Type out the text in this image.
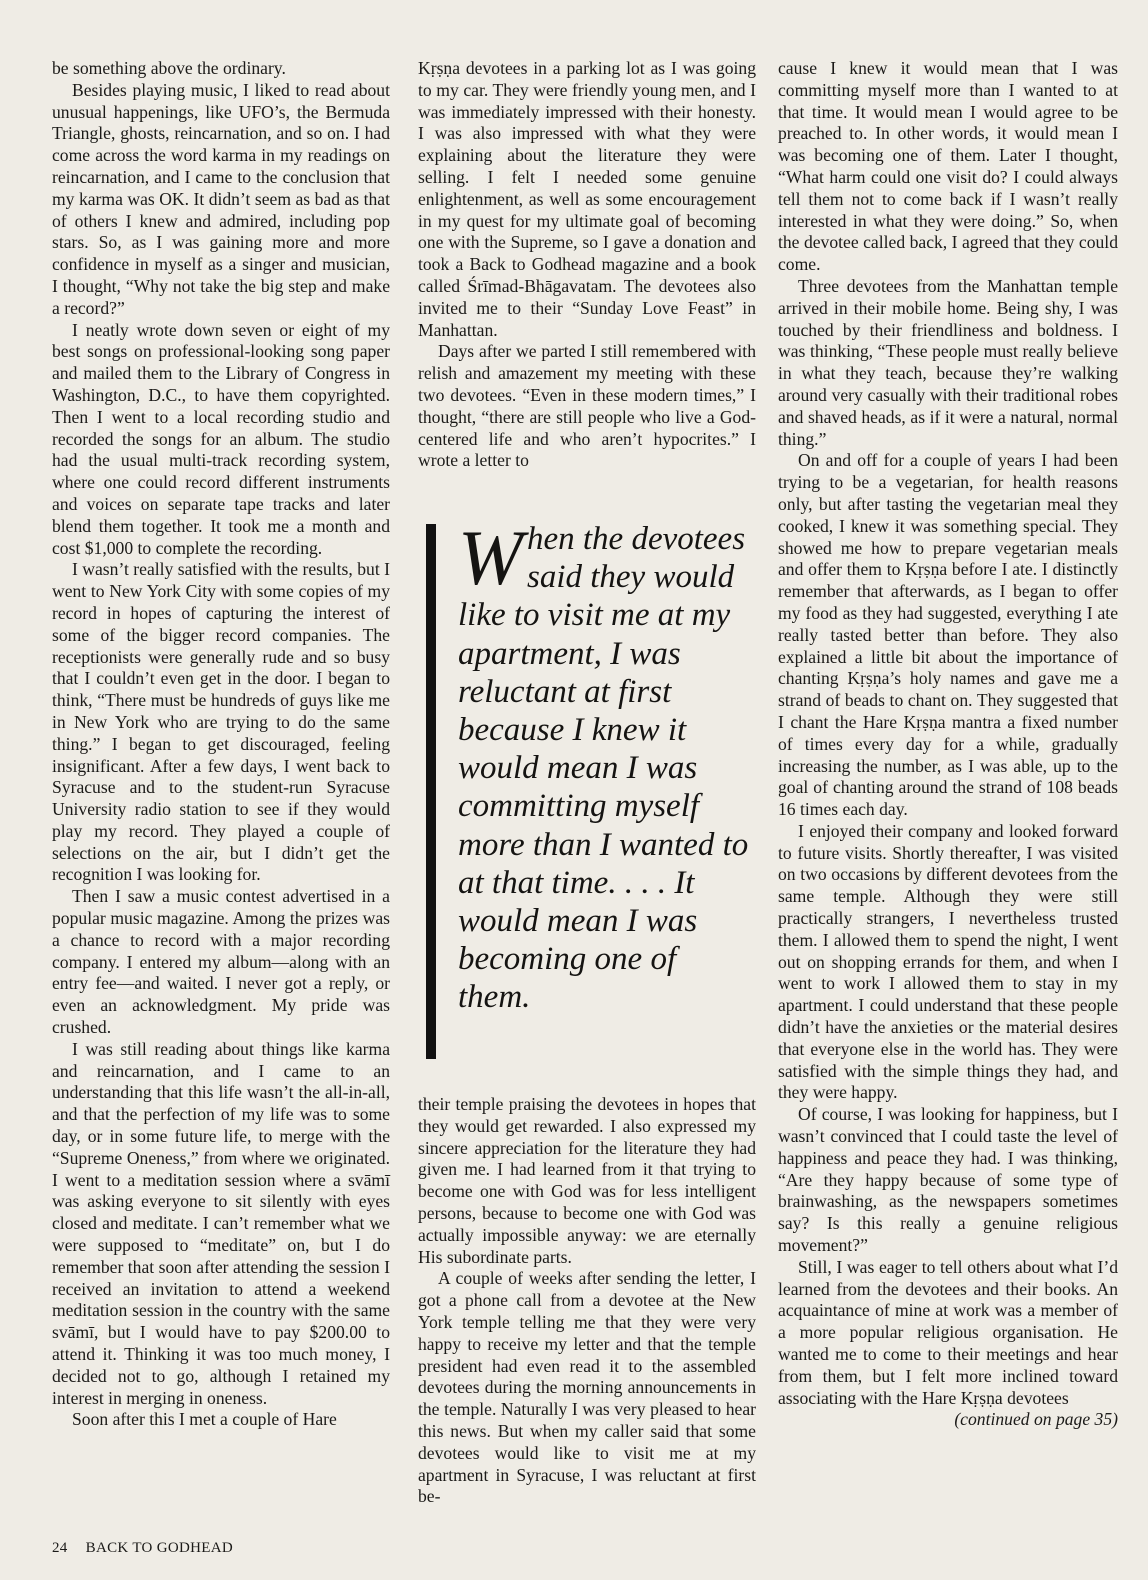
be something above the ordinary.

Besides playing music, I liked to read about unusual happenings, like UFO’s, the Bermuda Triangle, ghosts, reincarnation, and so on. I had come across the word karma in my readings on reincarnation, and I came to the conclusion that my karma was OK. It didn’t seem as bad as that of others I knew and admired, including pop stars. So, as I was gaining more and more confidence in myself as a singer and musician, I thought, “Why not take the big step and make a record?”

I neatly wrote down seven or eight of my best songs on professional-looking song paper and mailed them to the Library of Congress in Washington, D.C., to have them copyrighted. Then I went to a local recording studio and recorded the songs for an album. The studio had the usual multi-track recording system, where one could record different instruments and voices on separate tape tracks and later blend them together. It took me a month and cost $1,000 to complete the recording.

I wasn’t really satisfied with the results, but I went to New York City with some copies of my record in hopes of capturing the interest of some of the bigger record companies. The receptionists were generally rude and so busy that I couldn’t even get in the door. I began to think, “There must be hundreds of guys like me in New York who are trying to do the same thing.” I began to get discouraged, feeling insignificant. After a few days, I went back to Syracuse and to the student-run Syracuse University radio station to see if they would play my record. They played a couple of selections on the air, but I didn’t get the recognition I was looking for.

Then I saw a music contest advertised in a popular music magazine. Among the prizes was a chance to record with a major recording company. I entered my album—along with an entry fee—and waited. I never got a reply, or even an acknowledgment. My pride was crushed.

I was still reading about things like karma and reincarnation, and I came to an understanding that this life wasn’t the all-in-all, and that the perfection of my life was to some day, or in some future life, to merge with the “Supreme Oneness,” from where we originated. I went to a meditation session where a svāmī was asking everyone to sit silently with eyes closed and meditate. I can’t remember what we were supposed to “meditate” on, but I do remember that soon after attending the session I received an invitation to attend a weekend meditation session in the country with the same svāmī, but I would have to pay $200.00 to attend it. Thinking it was too much money, I decided not to go, although I retained my interest in merging in oneness.

Soon after this I met a couple of Hare

Kṛṣṇa devotees in a parking lot as I was going to my car. They were friendly young men, and I was immediately impressed with their honesty. I was also impressed with what they were explaining about the literature they were selling. I felt I needed some genuine enlightenment, as well as some encouragement in my quest for my ultimate goal of becoming one with the Supreme, so I gave a donation and took a Back to Godhead magazine and a book called Śrīmad-Bhāgavatam. The devotees also invited me to their “Sunday Love Feast” in Manhattan.

Days after we parted I still remembered with relish and amazement my meeting with these two devotees. “Even in these modern times,” I thought, “there are still people who live a God-centered life and who aren’t hypocrites.” I wrote a letter to

When the devotees said they would like to visit me at my apartment, I was reluctant at first because I knew it would mean I was committing myself more than I wanted to at that time. . . . It would mean I was becoming one of them.

their temple praising the devotees in hopes that they would get rewarded. I also expressed my sincere appreciation for the literature they had given me. I had learned from it that trying to become one with God was for less intelligent persons, because to become one with God was actually impossible anyway: we are eternally His subordinate parts.

A couple of weeks after sending the letter, I got a phone call from a devotee at the New York temple telling me that they were very happy to receive my letter and that the temple president had even read it to the assembled devotees during the morning announcements in the temple. Naturally I was very pleased to hear this news. But when my caller said that some devotees would like to visit me at my apartment in Syracuse, I was reluctant at first be-

cause I knew it would mean that I was committing myself more than I wanted to at that time. It would mean I would agree to be preached to. In other words, it would mean I was becoming one of them. Later I thought, “What harm could one visit do? I could always tell them not to come back if I wasn’t really interested in what they were doing.” So, when the devotee called back, I agreed that they could come.

Three devotees from the Manhattan temple arrived in their mobile home. Being shy, I was touched by their friendliness and boldness. I was thinking, “These people must really believe in what they teach, because they’re walking around very casually with their traditional robes and shaved heads, as if it were a natural, normal thing.”

On and off for a couple of years I had been trying to be a vegetarian, for health reasons only, but after tasting the vegetarian meal they cooked, I knew it was something special. They showed me how to prepare vegetarian meals and offer them to Kṛṣṇa before I ate. I distinctly remember that afterwards, as I began to offer my food as they had suggested, everything I ate really tasted better than before. They also explained a little bit about the importance of chanting Kṛṣṇa’s holy names and gave me a strand of beads to chant on. They suggested that I chant the Hare Kṛṣṇa mantra a fixed number of times every day for a while, gradually increasing the number, as I was able, up to the goal of chanting around the strand of 108 beads 16 times each day.

I enjoyed their company and looked forward to future visits. Shortly thereafter, I was visited on two occasions by different devotees from the same temple. Although they were still practically strangers, I nevertheless trusted them. I allowed them to spend the night, I went out on shopping errands for them, and when I went to work I allowed them to stay in my apartment. I could understand that these people didn’t have the anxieties or the material desires that everyone else in the world has. They were satisfied with the simple things they had, and they were happy.

Of course, I was looking for happiness, but I wasn’t convinced that I could taste the level of happiness and peace they had. I was thinking, “Are they happy because of some type of brainwashing, as the newspapers sometimes say? Is this really a genuine religious movement?”

Still, I was eager to tell others about what I’d learned from the devotees and their books. An acquaintance of mine at work was a member of a more popular religious organisation. He wanted me to come to their meetings and hear from them, but I felt more inclined toward associating with the Hare Kṛṣṇa devotees

(continued on page 35)
24 BACK TO GODHEAD
